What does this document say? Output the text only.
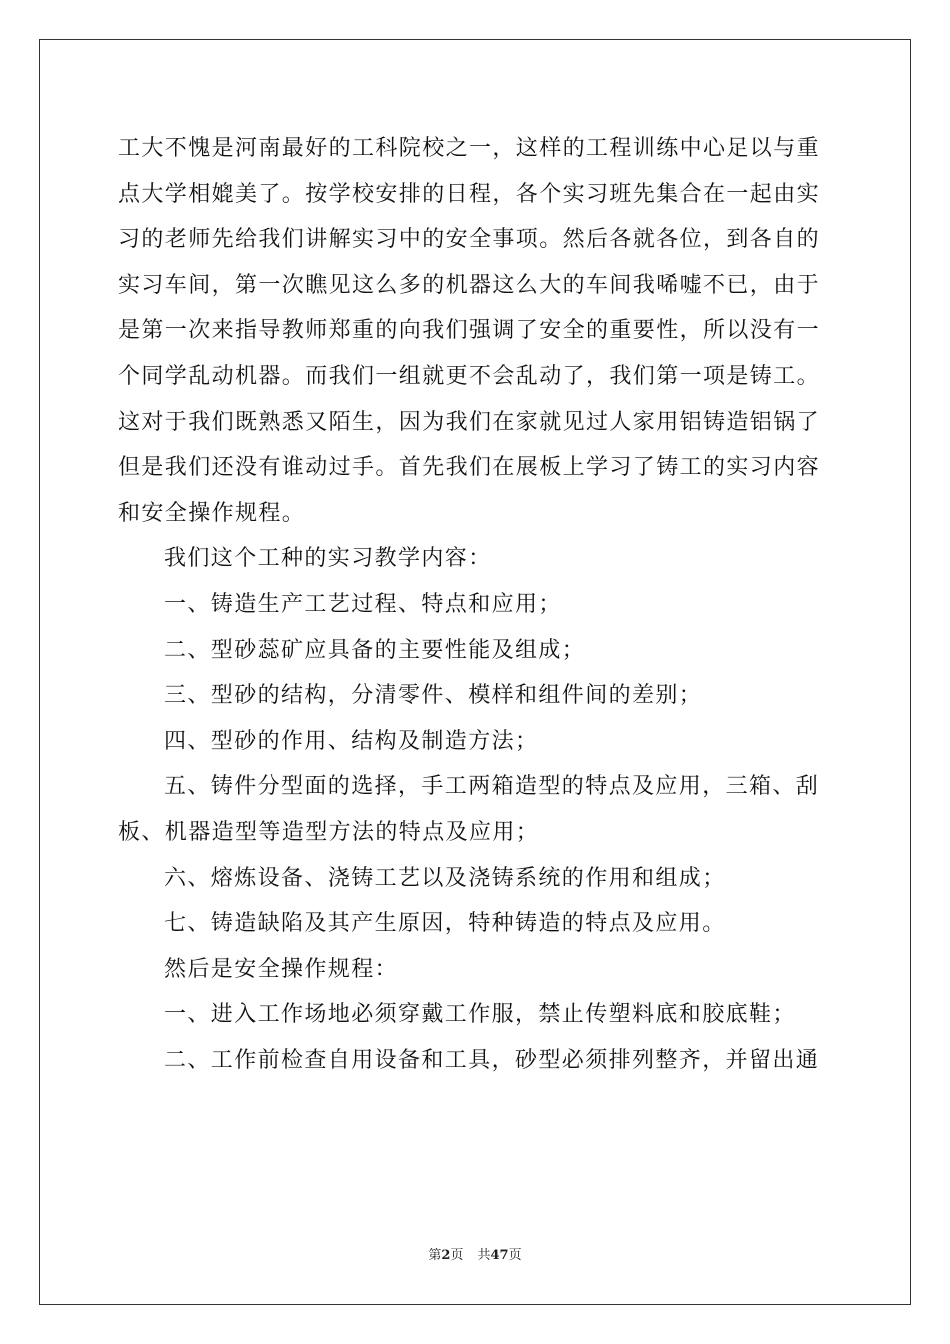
工大不愧是河南最好的工科院校之一，这样的工程训练中心足以与重
点大学相媲美了。按学校安排的日程，各个实习班先集合在一起由实
习的老师先给我们讲解实习中的安全事项。然后各就各位，到各自的
实习车间，第一次瞧见这么多的机器这么大的车间我唏嘘不已，由于
是第一次来指导教师郑重的向我们强调了安全的重要性，所以没有一
个同学乱动机器。而我们一组就更不会乱动了，我们第一项是铸工。
这对于我们既熟悉又陌生，因为我们在家就见过人家用铝铸造铝锅了
但是我们还没有谁动过手。首先我们在展板上学习了铸工的实习内容
和安全操作规程。
我们这个工种的实习教学内容：
一、铸造生产工艺过程、特点和应用；
二、型砂蕊矿应具备的主要性能及组成；
三、型砂的结构，分清零件、模样和组件间的差别；
四、型砂的作用、结构及制造方法；
五、铸件分型面的选择，手工两箱造型的特点及应用，三箱、刮
板、机器造型等造型方法的特点及应用；
六、熔炼设备、浇铸工艺以及浇铸系统的作用和组成；
七、铸造缺陷及其产生原因，特种铸造的特点及应用。
然后是安全操作规程：
一、进入工作场地必须穿戴工作服，禁止传塑料底和胶底鞋；
二、工作前检查自用设备和工具，砂型必须排列整齐，并留出通
第2页 共47页
